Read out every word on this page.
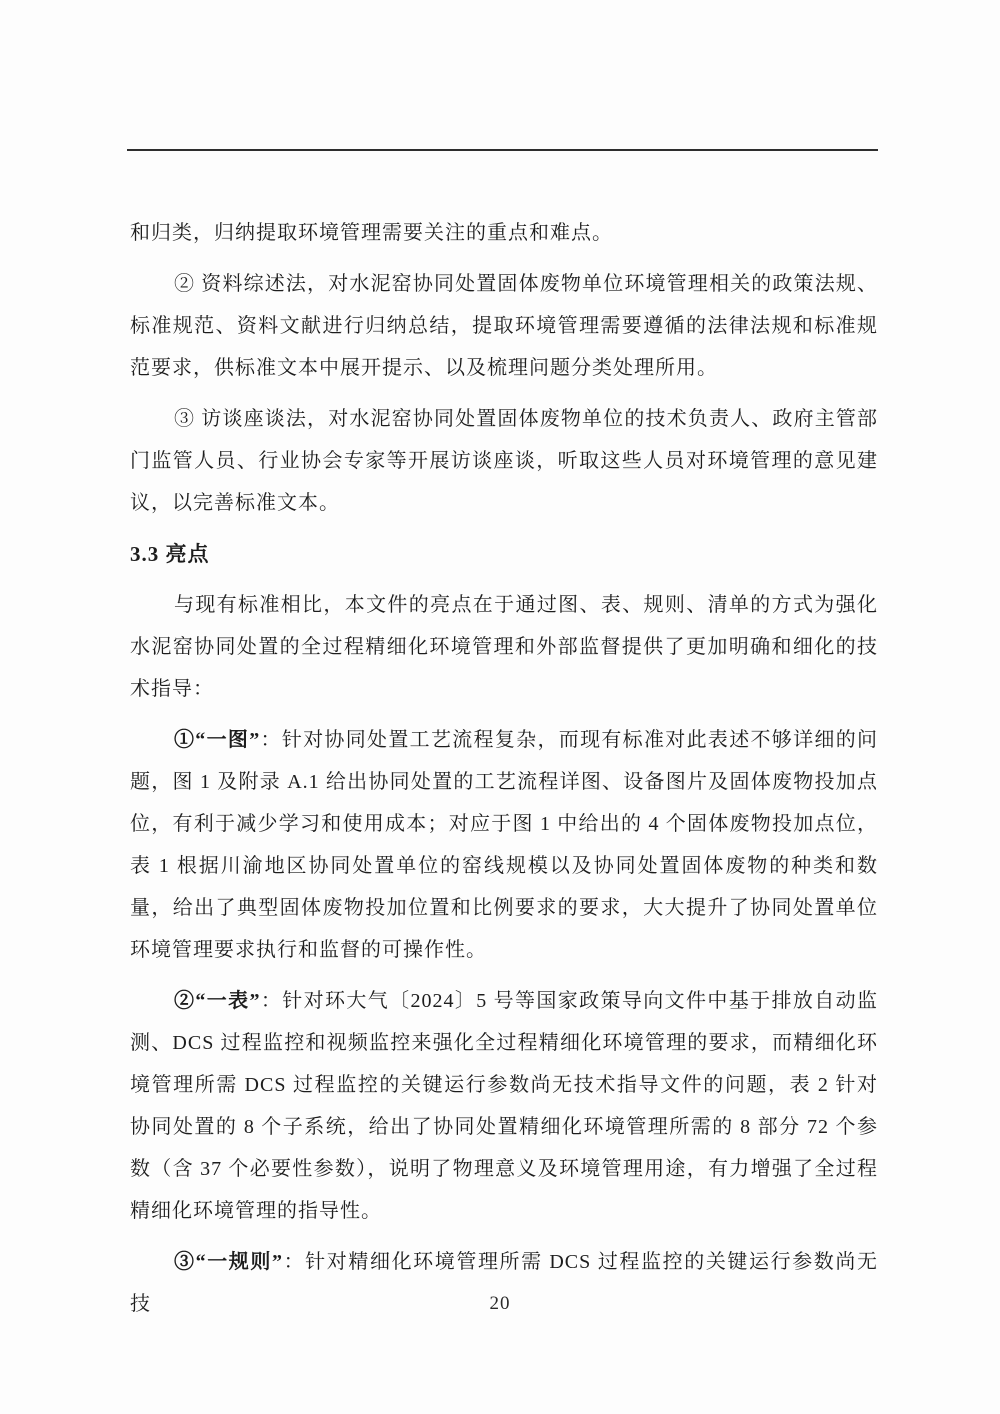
和归类，归纳提取环境管理需要关注的重点和难点。

② 资料综述法，对水泥窑协同处置固体废物单位环境管理相关的政策法规、标准规范、资料文献进行归纳总结，提取环境管理需要遵循的法律法规和标准规范要求，供标准文本中展开提示、以及梳理问题分类处理所用。

③ 访谈座谈法，对水泥窑协同处置固体废物单位的技术负责人、政府主管部门监管人员、行业协会专家等开展访谈座谈，听取这些人员对环境管理的意见建议，以完善标准文本。

3.3 亮点

与现有标准相比，本文件的亮点在于通过图、表、规则、清单的方式为强化水泥窑协同处置的全过程精细化环境管理和外部监督提供了更加明确和细化的技术指导：

①“一图”：针对协同处置工艺流程复杂，而现有标准对此表述不够详细的问题，图 1 及附录 A.1 给出协同处置的工艺流程详图、设备图片及固体废物投加点位，有利于减少学习和使用成本；对应于图 1 中给出的 4 个固体废物投加点位，表 1 根据川渝地区协同处置单位的窑线规模以及协同处置固体废物的种类和数量，给出了典型固体废物投加位置和比例要求的要求，大大提升了协同处置单位环境管理要求执行和监督的可操作性。

②“一表”：针对环大气〔2024〕5 号等国家政策导向文件中基于排放自动监测、DCS 过程监控和视频监控来强化全过程精细化环境管理的要求，而精细化环境管理所需 DCS 过程监控的关键运行参数尚无技术指导文件的问题，表 2 针对协同处置的 8 个子系统，给出了协同处置精细化环境管理所需的 8 部分 72 个参数（含 37 个必要性参数），说明了物理意义及环境管理用途，有力增强了全过程精细化环境管理的指导性。

③“一规则”：针对精细化环境管理所需 DCS 过程监控的关键运行参数尚无技	20
